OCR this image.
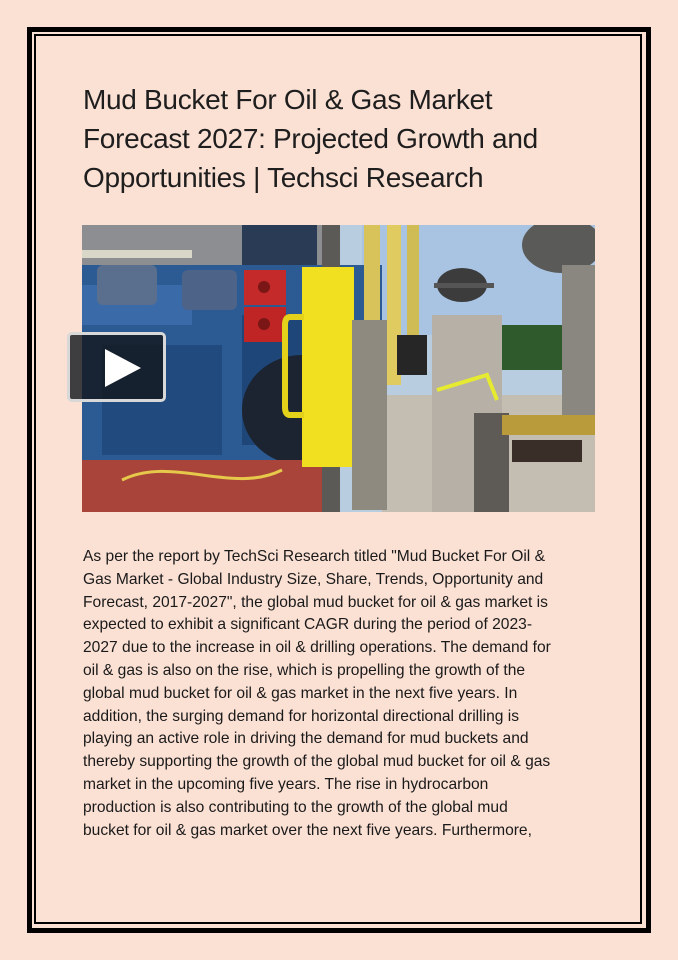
Mud Bucket For Oil & Gas Market
Forecast 2027: Projected Growth and
Opportunities | Techsci Research

As per the report by TechSci Research titled "Mud Bucket For Oil &
Gas Market - Global Industry Size, Share, Trends, Opportunity and
Forecast, 2017-2027", the global mud bucket for oil & gas market is
expected to exhibit a significant CAGR during the period of 2023-
2027 due to the increase in oil & drilling operations. The demand for
oil & gas is also on the rise, which is propelling the growth of the
global mud bucket for oil & gas market in the next five years. In
addition, the surging demand for horizontal directional drilling is
playing an active role in driving the demand for mud buckets and
thereby supporting the growth of the global mud bucket for oil & gas
market in the upcoming five years. The rise in hydrocarbon
production is also contributing to the growth of the global mud
bucket for oil & gas market over the next five years. Furthermore,
